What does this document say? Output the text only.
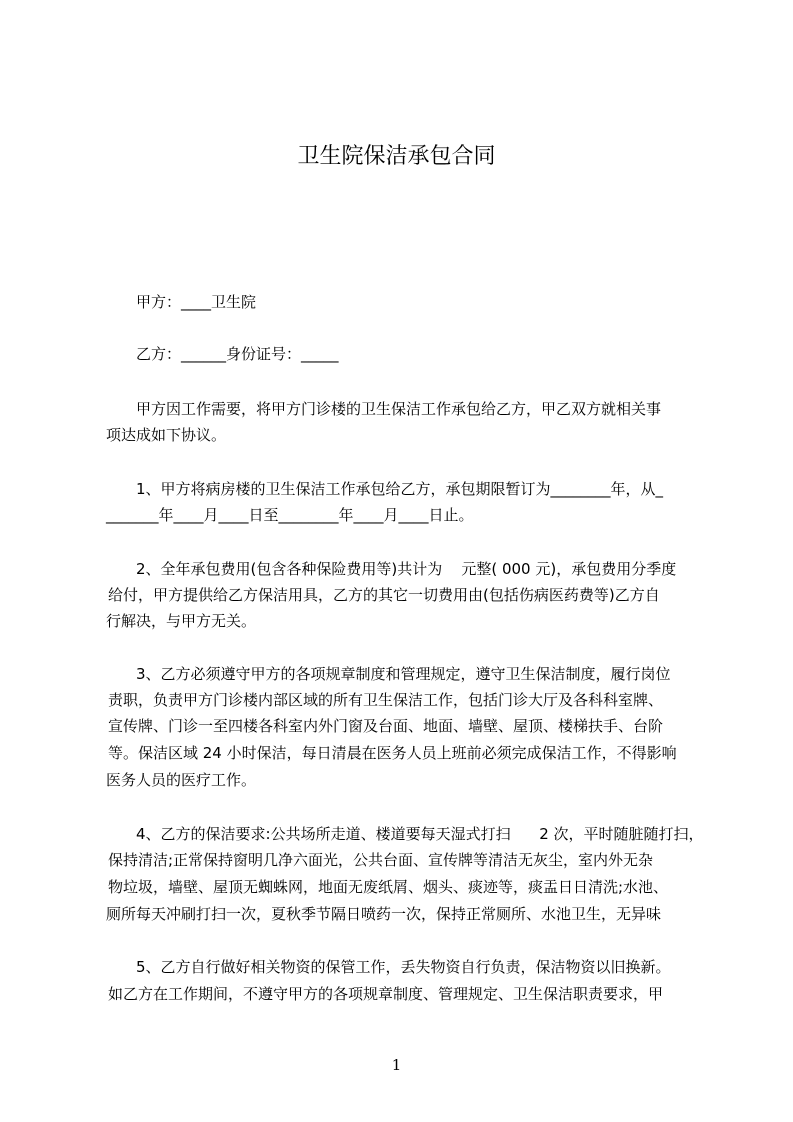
卫生院保洁承包合同
甲方：____卫生院
乙方：______身份证号：_____
甲方因工作需要，将甲方门诊楼的卫生保洁工作承包给乙方，甲乙双方就相关事
项达成如下协议。
1、甲方将病房楼的卫生保洁工作承包给乙方，承包期限暂订为________年，从_
_______年____月____日至________年____月____日止。
2、全年承包费用(包含各种保险费用等)共计为    元整( 000 元)，承包费用分季度
给付，甲方提供给乙方保洁用具，乙方的其它一切费用由(包括伤病医药费等)乙方自
行解决，与甲方无关。
3、乙方必须遵守甲方的各项规章制度和管理规定，遵守卫生保洁制度，履行岗位
责职，负责甲方门诊楼内部区域的所有卫生保洁工作，包括门诊大厅及各科科室牌、
宣传牌、门诊一至四楼各科室内外门窗及台面、地面、墙壁、屋顶、楼梯扶手、台阶
等。保洁区域 24 小时保洁，每日清晨在医务人员上班前必须完成保洁工作，不得影响
医务人员的医疗工作。
4、乙方的保洁要求:公共场所走道、楼道要每天湿式打扫      2 次，平时随脏随打扫，
保持清洁;正常保持窗明几净六面光，公共台面、宣传牌等清洁无灰尘，室内外无杂
物垃圾，墙壁、屋顶无蜘蛛网，地面无废纸屑、烟头、痰迹等，痰盂日日清洗;水池、
厕所每天冲刷打扫一次，夏秋季节隔日喷药一次，保持正常厕所、水池卫生，无异味
5、乙方自行做好相关物资的保管工作，丢失物资自行负责，保洁物资以旧换新。
如乙方在工作期间，不遵守甲方的各项规章制度、管理规定、卫生保洁职责要求，甲
1
